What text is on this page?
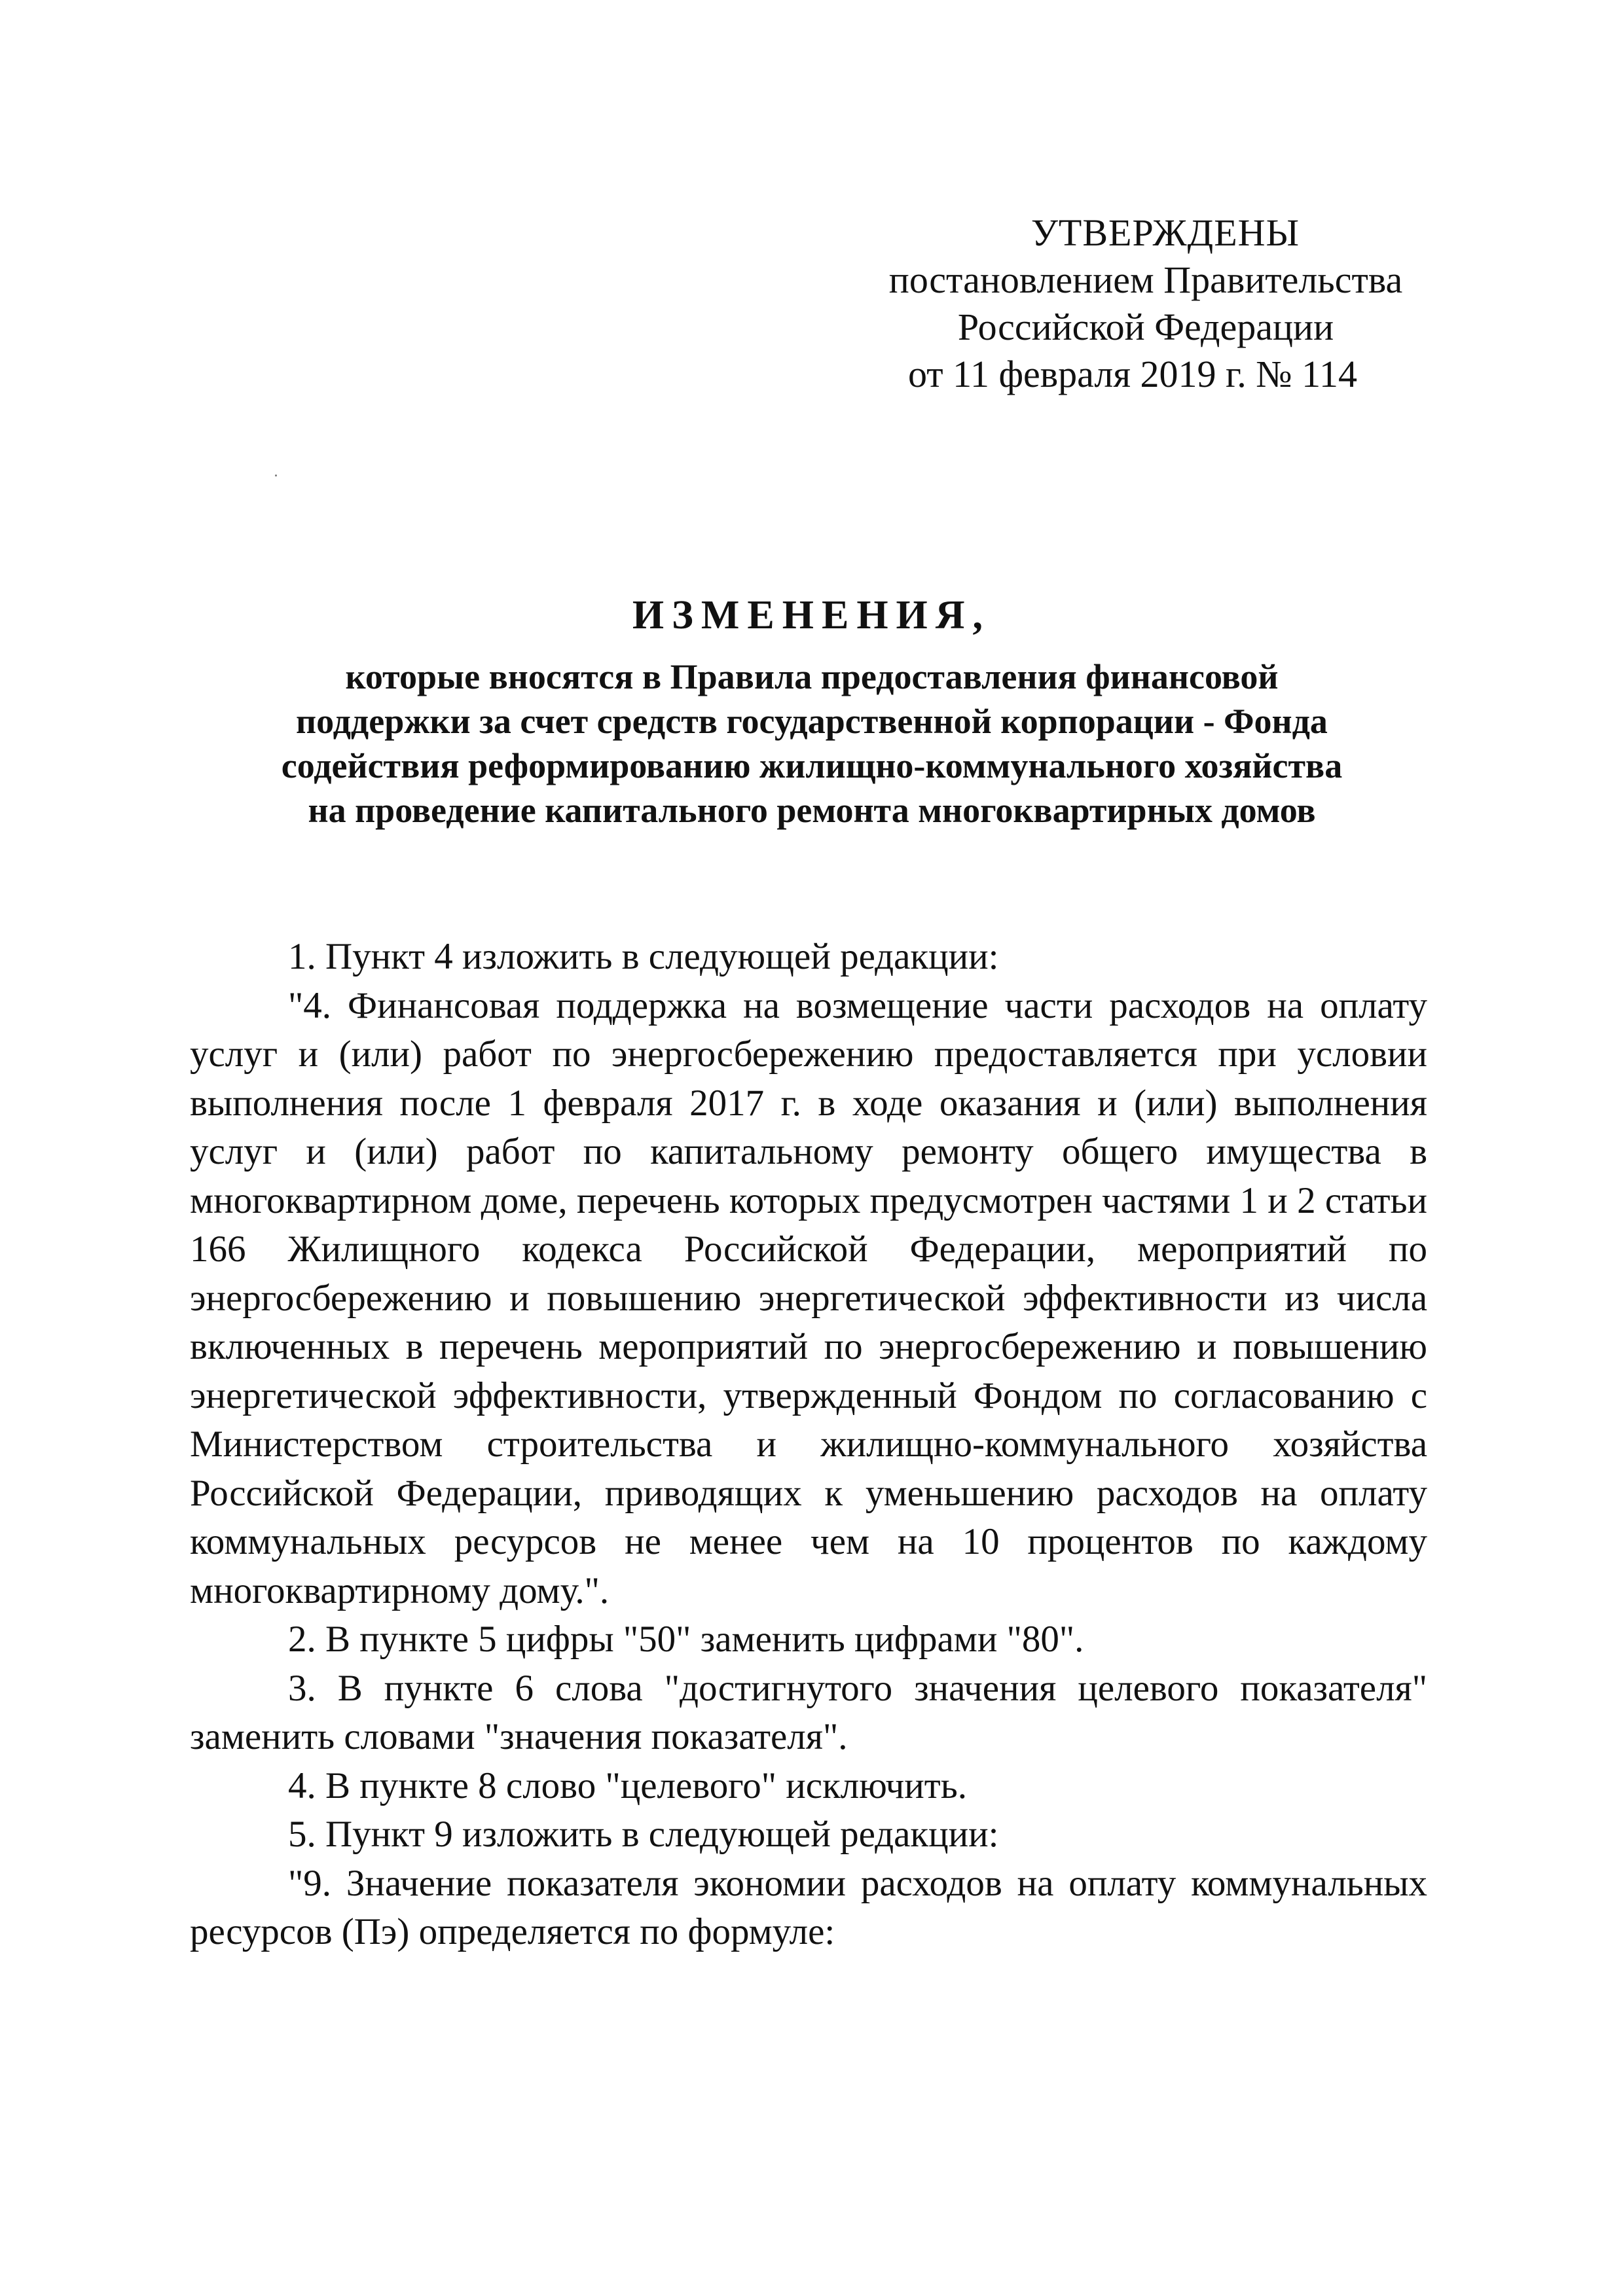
УТВЕРЖДЕНЫ
постановлением Правительства
Российской Федерации
от 11 февраля 2019 г. № 114
ИЗМЕНЕНИЯ,
которые вносятся в Правила предоставления финансовой
поддержки за счет средств государственной корпорации - Фонда
содействия реформированию жилищно-коммунального хозяйства
на проведение капитального ремонта многоквартирных домов

1. Пункт 4 изложить в следующей редакции:

"4. Финансовая поддержка на возмещение части расходов на оплату услуг и (или) работ по энергосбережению предоставляется при условии выполнения после 1 февраля 2017 г. в ходе оказания и (или) выполнения услуг и (или) работ по капитальному ремонту общего имущества в многоквартирном доме, перечень которых предусмотрен частями 1 и 2 статьи 166 Жилищного кодекса Российской Федерации, мероприятий по энергосбережению и повышению энергетической эффективности из числа включенных в перечень мероприятий по энергосбережению и повышению энергетической эффективности, утвержденный Фондом по согласованию с Министерством строительства и жилищно-коммунального хозяйства Российской Федерации, приводящих к уменьшению расходов на оплату коммунальных ресурсов не менее чем на 10 процентов по каждому многоквартирному дому.".

2. В пункте 5 цифры "50" заменить цифрами "80".

3. В пункте 6 слова "достигнутого значения целевого показателя" заменить словами "значения показателя".

4. В пункте 8 слово "целевого" исключить.

5. Пункт 9 изложить в следующей редакции:

"9. Значение показателя экономии расходов на оплату коммунальных ресурсов (Пэ) определяется по формуле:
